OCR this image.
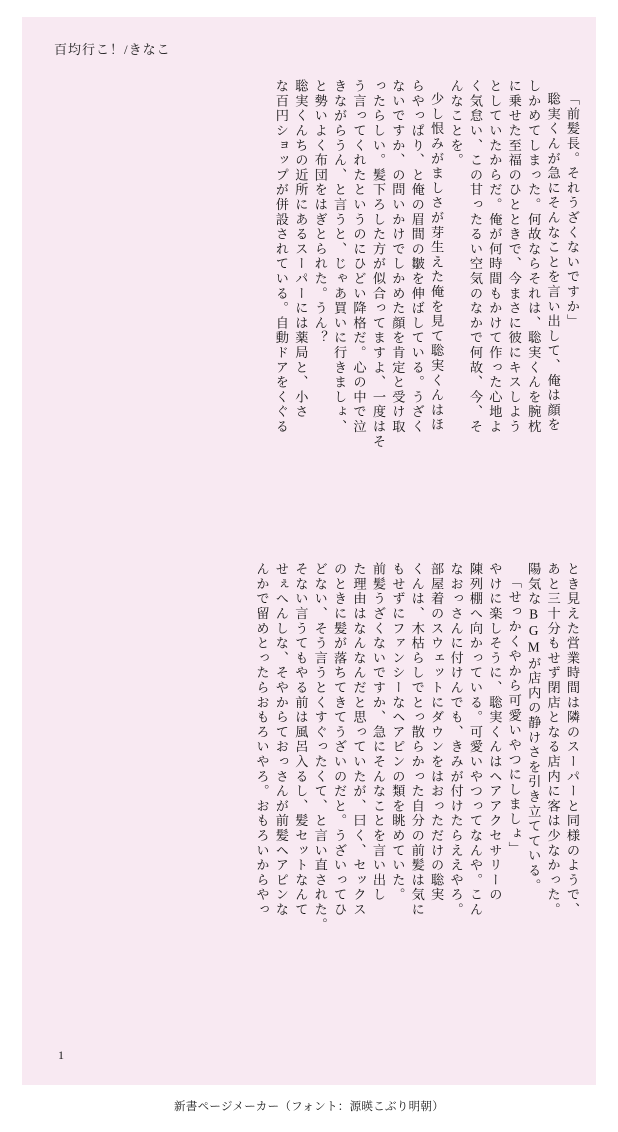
百均行こ！/きなこ
「前髪長。それうざくないですか」
聡実くんが急にそんなことを言い出して、俺は顔を
しかめてしまった。何故ならそれは、聡実くんを腕枕
に乗せた至福のひとときで、今まさに彼にキスしよう
としていたからだ。俺が何時間もかけて作った心地よ
く気怠い、この甘ったるい空気のなかで何故、今、そ
んなことを。
少し恨みがましさが芽生えた俺を見て聡実くんはほ
らやっぱり、と俺の眉間の皺を伸ばしている。うざく
ないですか、の問いかけでしかめた顔を肯定と受け取
ったらしい。髪下ろした方が似合ってますよ、一度はそ
う言ってくれたというのにひどい降格だ。心の中で泣
きながらうん、と言うと、じゃあ買いに行きましょ、
と勢いよく布団をはぎとられた。うん？
聡実くんちの近所にあるスーパーには薬局と、小さ
な百円ショップが併設されている。自動ドアをくぐる
とき見えた営業時間は隣のスーパーと同様のようで、
あと三十分もせず閉店となる店内に客は少なかった。
陽気なBGMが店内の静けさを引き立てている。
「せっかくやから可愛いやつにしましょ」
やけに楽しそうに、聡実くんはヘアアクセサリーの
陳列棚へ向かっている。可愛いやつってなんや。こん
なおっさんに付けんでも、きみが付けたらええやろ。
部屋着のスウェットにダウンをはおっただけの聡実
くんは、木枯らしでとっ散らかった自分の前髪は気に
もせずにファンシーなヘアピンの類を眺めていた。
前髪うざくないですか、急にそんなことを言い出し
た理由はなんなんだと思っていたが、曰く、セックス
のときに髪が落ちてきてうざいのだと。うざいってひ
どない、そう言うとくすぐったくて、と言い直された。
そない言うてもやる前は風呂入るし、髪セットなんて
せぇへんしな、そやからておっさんが前髪ヘアピンな
んかで留めとったらおもろいやろ。おもろいからやっ
1
新書ページメーカー（フォント：源暎こぶり明朝）
